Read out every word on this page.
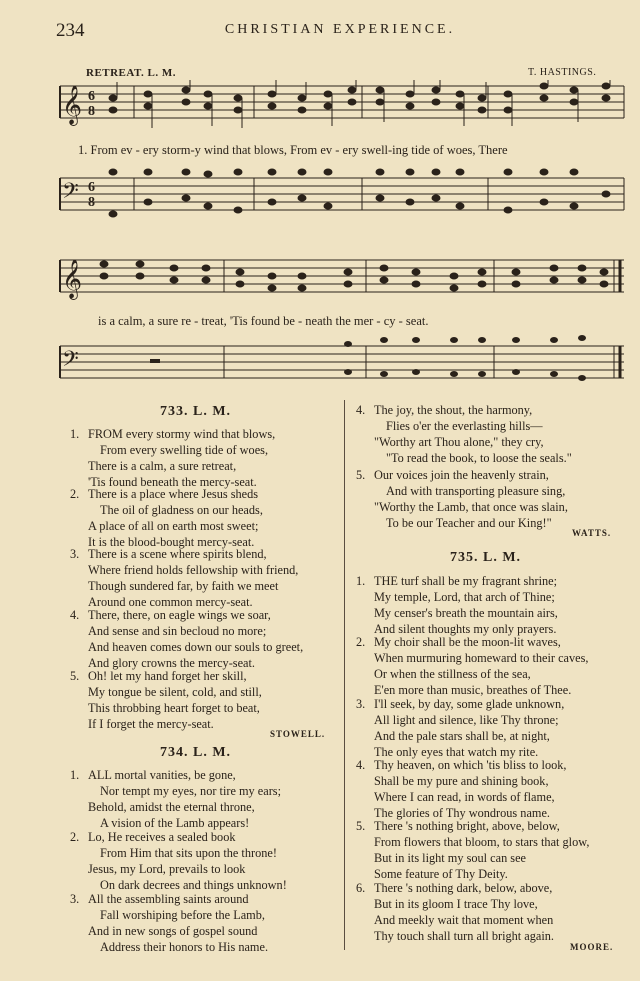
234	CHRISTIAN EXPERIENCE.
RETREAT. L. M.	T. HASTINGS.
𝄞 6
8
1. From ev - ery storm-y wind that blows, From ev - ery swell-ing tide of woes, There
𝄢 6
8
𝄞
is a calm, a sure re - treat, 'Tis found be - neath the mer - cy - seat.
𝄢
733. L. M.
1. FROM every stormy wind that blows,
From every swelling tide of woes,
There is a calm, a sure retreat,
'Tis found beneath the mercy-seat.
2. There is a place where Jesus sheds
The oil of gladness on our heads,
A place of all on earth most sweet;
It is the blood-bought mercy-seat.
3. There is a scene where spirits blend,
Where friend holds fellowship with friend,
Though sundered far, by faith we meet
Around one common mercy-seat.
4. There, there, on eagle wings we soar,
And sense and sin becloud no more;
And heaven comes down our souls to greet,
And glory crowns the mercy-seat.
5. Oh! let my hand forget her skill,
My tongue be silent, cold, and still,
This throbbing heart forget to beat,
If I forget the mercy-seat.
STOWELL.
734. L. M.
1. ALL mortal vanities, be gone,
Nor tempt my eyes, nor tire my ears;
Behold, amidst the eternal throne,
A vision of the Lamb appears!
2. Lo, He receives a sealed book
From Him that sits upon the throne!
Jesus, my Lord, prevails to look
On dark decrees and things unknown!
3. All the assembling saints around
Fall worshiping before the Lamb,
And in new songs of gospel sound
Address their honors to His name.
4. The joy, the shout, the harmony,
Flies o'er the everlasting hills—
"Worthy art Thou alone," they cry,
"To read the book, to loose the seals."
5. Our voices join the heavenly strain,
And with transporting pleasure sing,
"Worthy the Lamb, that once was slain,
To be our Teacher and our King!"
WATTS.
735. L. M.
1. THE turf shall be my fragrant shrine;
My temple, Lord, that arch of Thine;
My censer's breath the mountain airs,
And silent thoughts my only prayers.
2. My choir shall be the moon-lit waves,
When murmuring homeward to their caves,
Or when the stillness of the sea,
E'en more than music, breathes of Thee.
3. I'll seek, by day, some glade unknown,
All light and silence, like Thy throne;
And the pale stars shall be, at night,
The only eyes that watch my rite.
4. Thy heaven, on which 'tis bliss to look,
Shall be my pure and shining book,
Where I can read, in words of flame,
The glories of Thy wondrous name.
5. There 's nothing bright, above, below,
From flowers that bloom, to stars that glow,
But in its light my soul can see
Some feature of Thy Deity.
6. There 's nothing dark, below, above,
But in its gloom I trace Thy love,
And meekly wait that moment when
Thy touch shall turn all bright again.
MOORE.
